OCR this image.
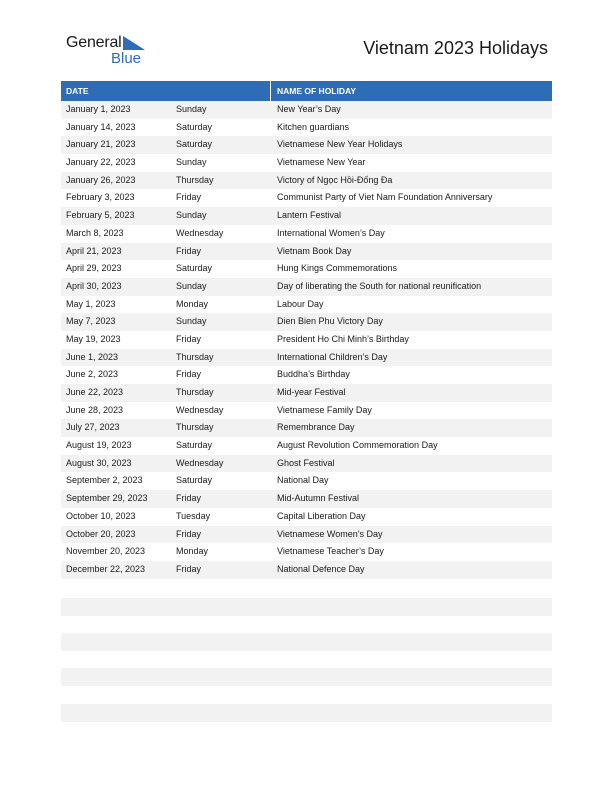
General
Blue
Vietnam 2023 Holidays
DATE	NAME OF HOLIDAY
January 1, 2023	Sunday	New Year’s Day
January 14, 2023	Saturday	Kitchen guardians
January 21, 2023	Saturday	Vietnamese New Year Holidays
January 22, 2023	Sunday	Vietnamese New Year
January 26, 2023	Thursday	Victory of Ngọc Hồi-Đống Đa
February 3, 2023	Friday	Communist Party of Viet Nam Foundation Anniversary
February 5, 2023	Sunday	Lantern Festival
March 8, 2023	Wednesday	International Women’s Day
April 21, 2023	Friday	Vietnam Book Day
April 29, 2023	Saturday	Hung Kings Commemorations
April 30, 2023	Sunday	Day of liberating the South for national reunification
May 1, 2023	Monday	Labour Day
May 7, 2023	Sunday	Dien Bien Phu Victory Day
May 19, 2023	Friday	President Ho Chi Minh’s Birthday
June 1, 2023	Thursday	International Children’s Day
June 2, 2023	Friday	Buddha’s Birthday
June 22, 2023	Thursday	Mid-year Festival
June 28, 2023	Wednesday	Vietnamese Family Day
July 27, 2023	Thursday	Remembrance Day
August 19, 2023	Saturday	August Revolution Commemoration Day
August 30, 2023	Wednesday	Ghost Festival
September 2, 2023	Saturday	National Day
September 29, 2023	Friday	Mid-Autumn Festival
October 10, 2023	Tuesday	Capital Liberation Day
October 20, 2023	Friday	Vietnamese Women’s Day
November 20, 2023	Monday	Vietnamese Teacher’s Day
December 22, 2023	Friday	National Defence Day
